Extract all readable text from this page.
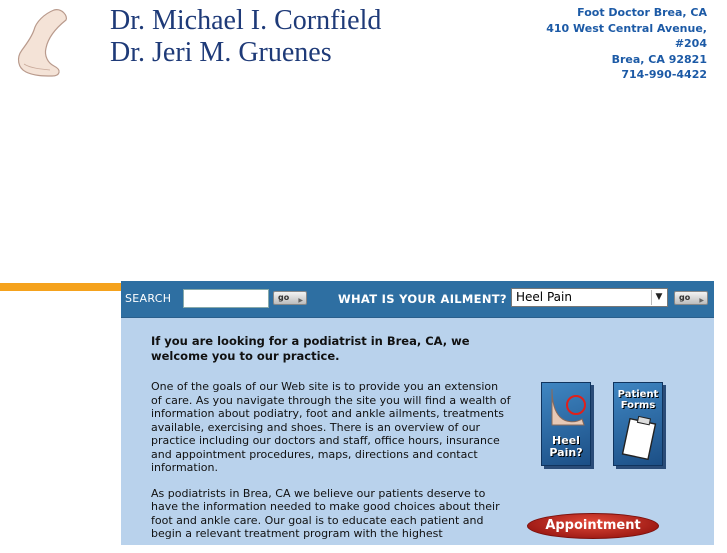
Dr. Michael I. Cornfield
Dr. Jeri M. Gruenes
Foot Doctor Brea, CA
410 West Central Avenue,
#204
Brea, CA 92821
714-990-4422
SEARCH	go ▶	WHAT IS YOUR AILMENT? Heel Pain	▼	go ▶
If you are looking for a podiatrist in Brea, CA, we welcome you to our practice.

One of the goals of our Web site is to provide you an extension of care. As you navigate through the site you will find a wealth of information about podiatry, foot and ankle ailments, treatments available, exercising and shoes. There is an overview of our practice including our doctors and staff, office hours, insurance and appointment procedures, maps, directions and contact information.

As podiatrists in Brea, CA we believe our patients deserve to have the information needed to make good choices about their foot and ankle care. Our goal is to educate each patient and begin a relevant treatment program with the highest

Heel
Pain?
Patient
Forms
Appointment
